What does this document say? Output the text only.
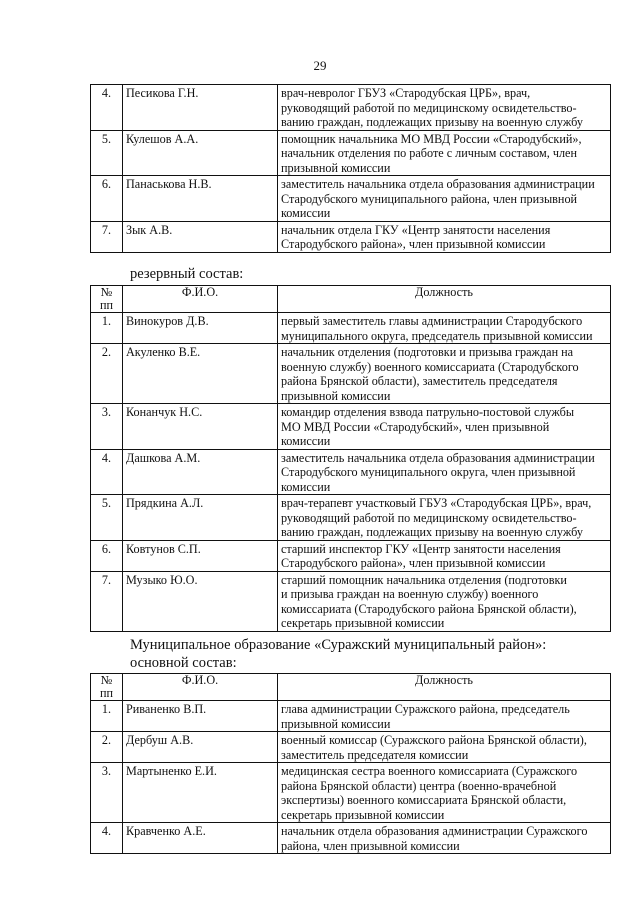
29
4.	Песикова Г.Н.	врач-невролог ГБУЗ «Стародубская ЦРБ», врач,
руководящий работой по медицинскому освидетельство-
ванию граждан, подлежащих призыву на военную службу

5.	Кулешов А.А.	помощник начальника МО МВД России «Стародубский»,
начальник отделения по работе с личным составом, член
призывной комиссии

6.	Панаськова Н.В.	заместитель начальника отдела образования администрации
Стародубского муниципального района, член призывной
комиссии

7.	Зык А.В.	начальник отдела ГКУ «Центр занятости населения
Стародубского района», член призывной комиссии
резервный состав:
№ пп	Ф.И.О.	Должность
1.	Винокуров Д.В.	первый заместитель главы администрации Стародубского
муниципального округа, председатель призывной комиссии

2.	Акуленко В.Е.	начальник отделения (подготовки и призыва граждан на
военную службу) военного комиссариата (Стародубского
района Брянской области), заместитель председателя
призывной комиссии

3.	Конанчук Н.С.	командир отделения взвода патрульно-постовой службы
МО МВД России «Стародубский», член призывной
комиссии

4.	Дашкова А.М.	заместитель начальника отдела образования администрации
Стародубского муниципального округа, член призывной
комиссии

5.	Прядкина А.Л.	врач-терапевт участковый ГБУЗ «Стародубская ЦРБ», врач,
руководящий работой по медицинскому освидетельство-
ванию граждан, подлежащих призыву на военную службу

6.	Ковтунов С.П.	старший инспектор ГКУ «Центр занятости населения
Стародубского района», член призывной комиссии

7.	Музыко Ю.О.	старший помощник начальника отделения (подготовки
и призыва граждан на военную службу) военного
комиссариата (Стародубского района Брянской области),
секретарь призывной комиссии
Муниципальное образование «Суражский муниципальный район»:
основной состав:
№ пп	Ф.И.О.	Должность
1.	Риваненко В.П.	глава администрации Суражского района, председатель
призывной комиссии

2.	Дербуш А.В.	военный комиссар (Суражского района Брянской области),
заместитель председателя комиссии

3.	Мартыненко Е.И.	медицинская сестра военного комиссариата (Суражского
района Брянской области) центра (военно-врачебной
экспертизы) военного комиссариата Брянской области,
секретарь призывной комиссии

4.	Кравченко А.Е.	начальник отдела образования администрации Суражского
района, член призывной комиссии
